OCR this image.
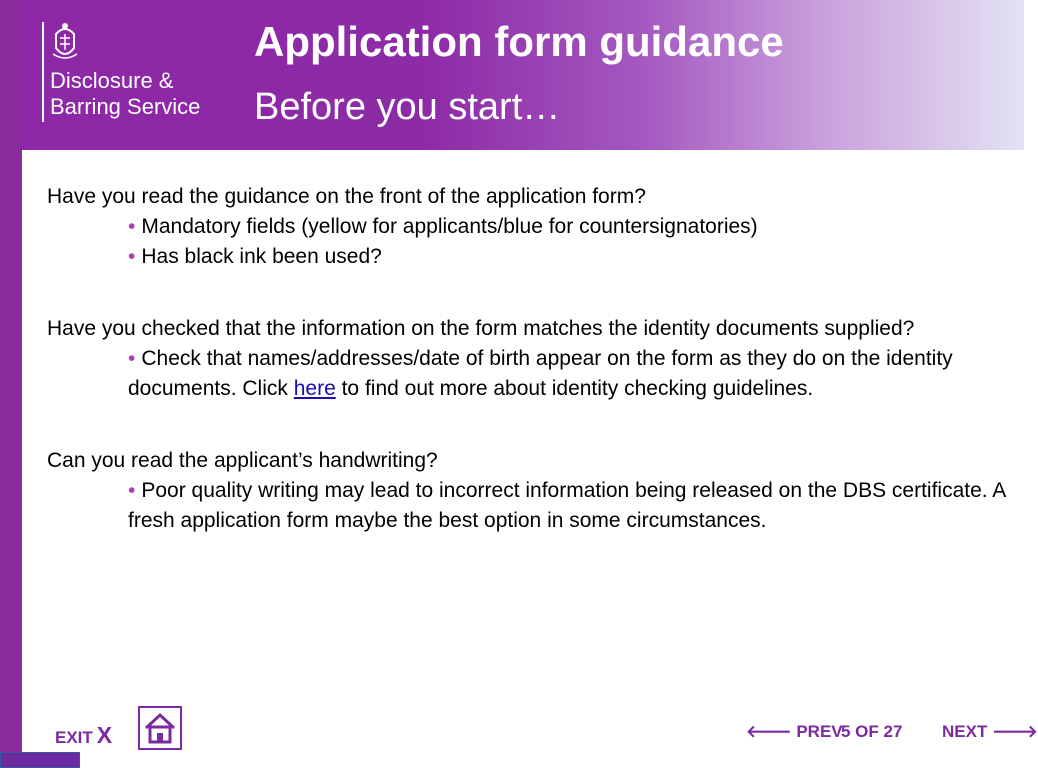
Disclosure &
Barring Service
Application form guidance
Before you start…

Have you read the guidance on the front of the application form?

• Mandatory fields (yellow for applicants/blue for countersignatories)

• Has black ink been used?

Have you checked that the information on the form matches the identity documents supplied?

• Check that names/addresses/date of birth appear on the form as they do on the identity documents. Click here to find out more about identity checking guidelines.

Can you read the applicant’s handwriting?

• Poor quality writing may lead to incorrect information being released on the DBS certificate. A fresh application form maybe the best option in some circumstances.

EXIT X	🡐 PREV
5 OF 27 NEXT 🡒
